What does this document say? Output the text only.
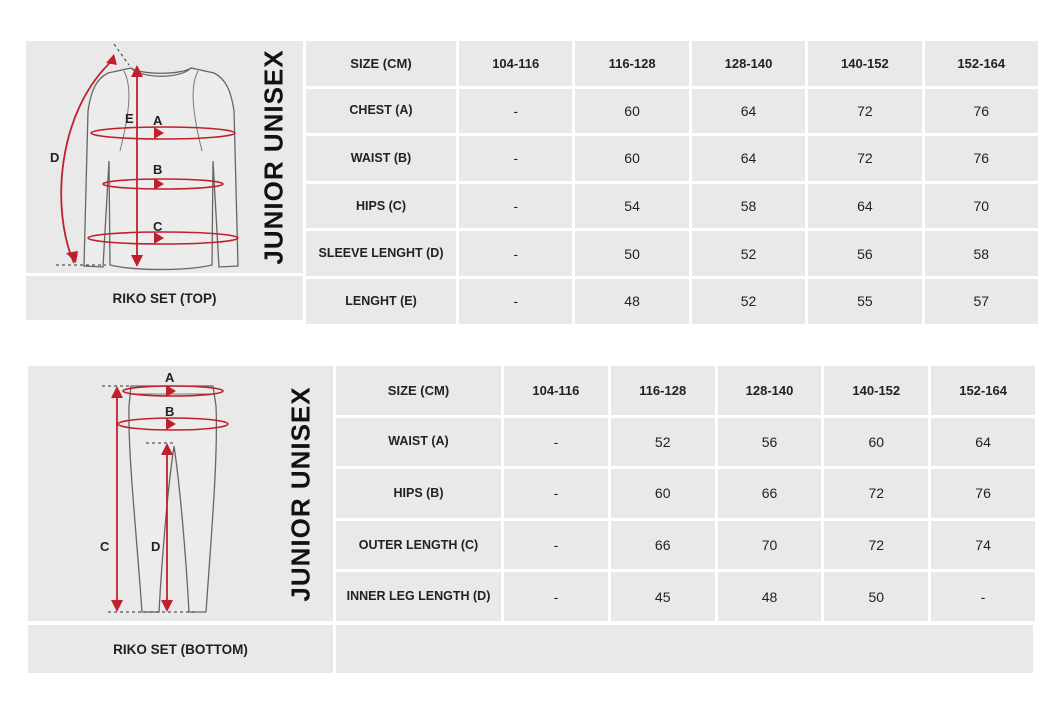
A
B
C
D
E	JUNIOR UNISEX
RIKO SET (TOP)
SIZE (CM)	104-116	116-128	128-140	140-152	152-164
CHEST (A)	-	60	64	72	76
WAIST (B)	-	60	64	72	76
HIPS (C)	-	54	58	64	70
SLEEVE LENGHT (D)	-	50	52	56	58
LENGHT (E)	-	48	52	55	57
A
B
C	D	JUNIOR UNISEX
RIKO SET (BOTTOM)
SIZE (CM)	104-116	116-128	128-140	140-152	152-164
WAIST (A)	-	52	56	60	64
HIPS (B)	-	60	66	72	76
OUTER LENGTH (C)	-	66	70	72	74
INNER LEG LENGTH (D)	-	45	48	50	-
